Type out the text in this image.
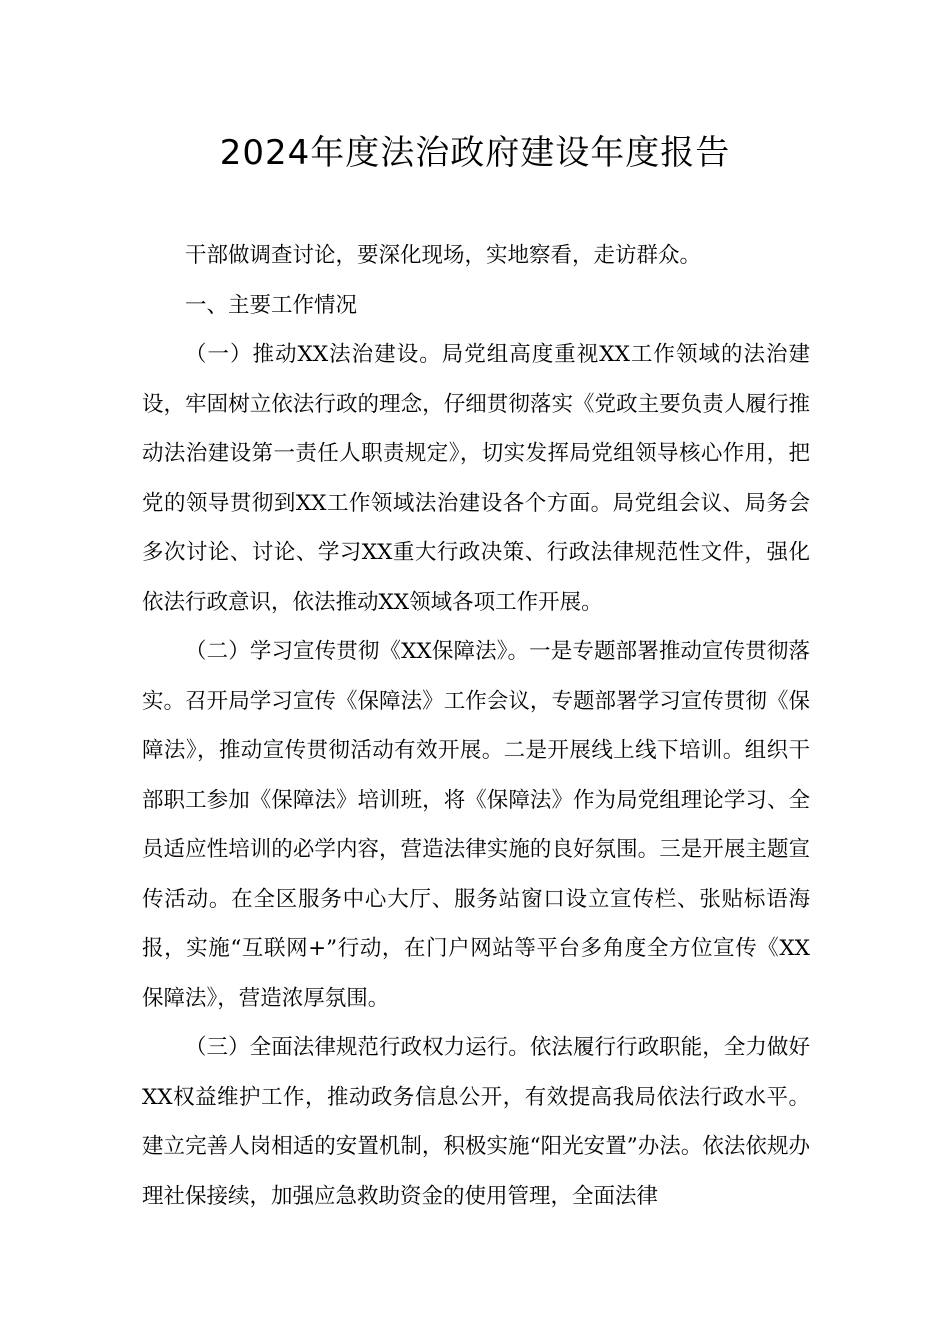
2024年度法治政府建设年度报告

干部做调查讨论，要深化现场，实地察看，走访群众。

一、主要工作情况

（一）推动XX法治建设。局党组高度重视XX工作领域的法治建设，牢固树立依法行政的理念，仔细贯彻落实《党政主要负责人履行推动法治建设第一责任人职责规定》，切实发挥局党组领导核心作用，把党的领导贯彻到XX工作领域法治建设各个方面。局党组会议、局务会多次讨论、讨论、学习XX重大行政决策、行政法律规范性文件，强化依法行政意识，依法推动XX领域各项工作开展。

（二）学习宣传贯彻《XX保障法》。一是专题部署推动宣传贯彻落实。召开局学习宣传《保障法》工作会议，专题部署学习宣传贯彻《保障法》，推动宣传贯彻活动有效开展。二是开展线上线下培训。组织干部职工参加《保障法》培训班，将《保障法》作为局党组理论学习、全员适应性培训的必学内容，营造法律实施的良好氛围。三是开展主题宣传活动。在全区服务中心大厅、服务站窗口设立宣传栏、张贴标语海报，实施“互联网+”行动，在门户网站等平台多角度全方位宣传《XX保障法》，营造浓厚氛围。

（三）全面法律规范行政权力运行。依法履行行政职能，全力做好XX权益维护工作，推动政务信息公开，有效提高我局依法行政水平。建立完善人岗相适的安置机制，积极实施“阳光安置”办法。依法依规办理社保接续，加强应急救助资金的使用管理，全面法律
